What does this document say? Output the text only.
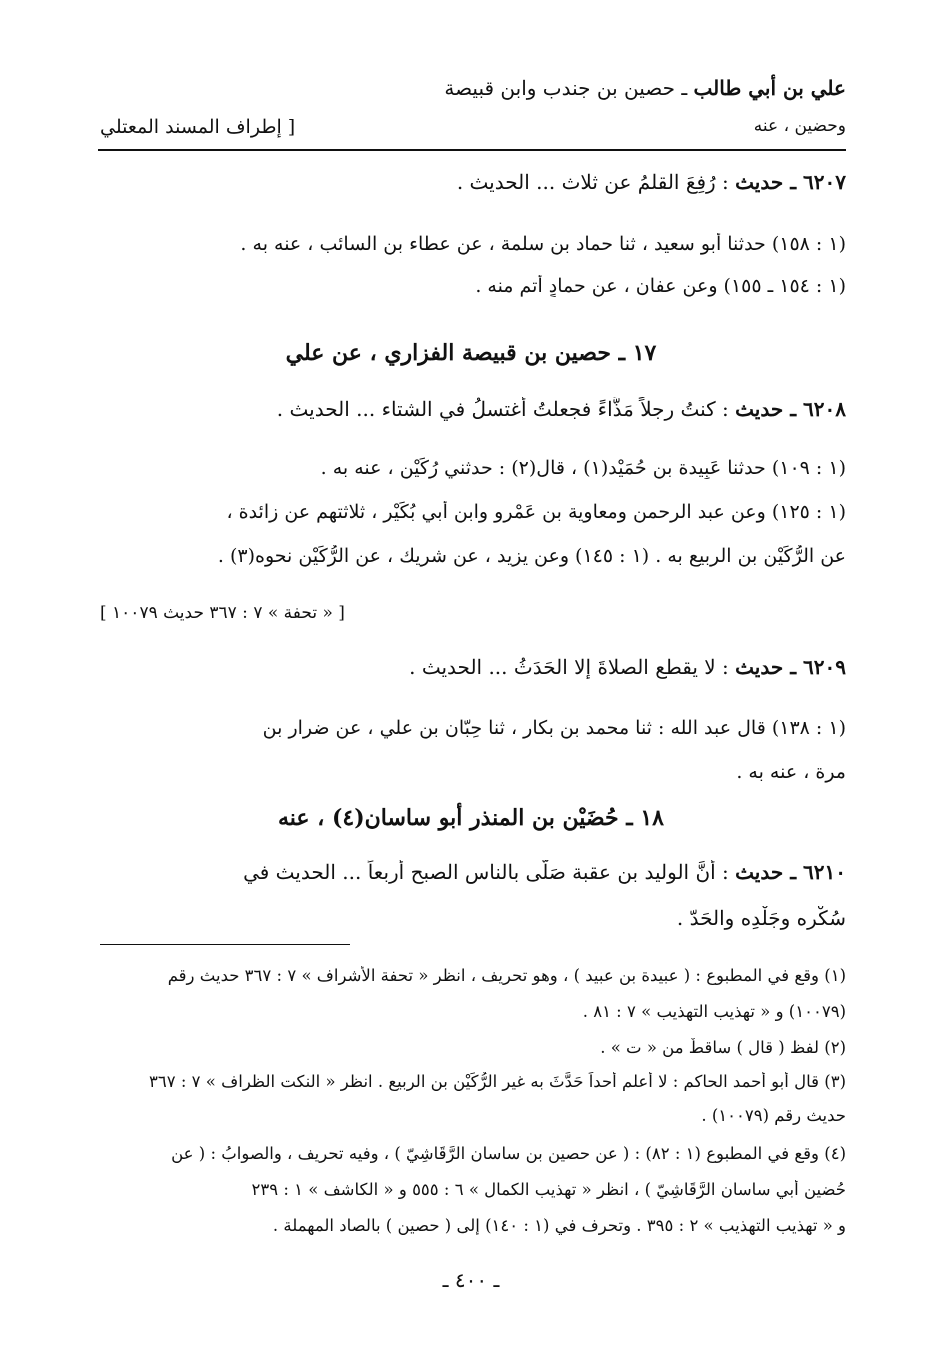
علي بن أبي طالب ـ حصين بن جندب وابن قبيصة
وحضين ، عنه
[ إطراف المسند المعتلي
٦٢٠٧ ـ حديث : رُفِعَ القلمُ عن ثلاث ... الحديث .
(١ : ١٥٨) حدثنا أبو سعيد ، ثنا حماد بن سلمة ، عن عطاء بن السائب ، عنه به .
(١ : ١٥٤ ـ ١٥٥) وعن عفان ، عن حمادٍ أتم منه .
١٧ ـ حصين بن قبيصة الفزاري ، عن علي
٦٢٠٨ ـ حديث : كنتُ رجلاً مَذَّاءً فجعلتُ أغتسلُ في الشتاء ... الحديث .
(١ : ١٠٩) حدثنا عَبِيدة بن حُمَيْد(١) ، قال(٢) : حدثني رُكَيْن ، عنه به .
(١ : ١٢٥) وعن عبد الرحمن ومعاوية بن عَمْرو وابن أبي بُكَيْر ، ثلاثتهم عن زائدة ،
عن الرُّكَيْن بن الربيع به . (١ : ١٤٥) وعن يزيد ، عن شريك ، عن الرُّكَيْن نحوه(٣) .
[ « تحفة » ٧ : ٣٦٧ حديث ١٠٠٧٩ ]
٦٢٠٩ ـ حديث : لا يقطع الصلاةَ إلا الحَدَثُ ... الحديث .
(١ : ١٣٨) قال عبد الله : ثنا محمد بن بكار ، ثنا حِبّان بن علي ، عن ضرار بن
مرة ، عنه به .
١٨ ـ حُضَيْن بن المنذر أبو ساسان(٤) ، عنه
٦٢١٠ ـ حديث : أنَّ الوليد بن عقبة صَلّى بالناس الصبح أربعاً ... الحديث في
سُكْرِه وجَلْدِه والحَدّ .
(١) وقع في المطبوع : ( عبيدة بن عبيد ) ، وهو تحريف ، انظر « تحفة الأشراف » ٧ : ٣٦٧ حديث رقم
(١٠٠٧٩) و « تهذيب التهذيب » ٧ : ٨١ .
(٢) لفظ ( قال ) ساقطٌ من « ت » .
(٣) قال أبو أحمد الحاكم : لا أعلم أحداً حَدَّثَ به غير الرُّكَيْن بن الربيع . انظر « النكت الظراف » ٧ : ٣٦٧
حديث رقم (١٠٠٧٩) .
(٤) وقع في المطبوع (١ : ٨٢) : ( عن حصين بن ساسان الرَّقَاشِيّ ) ، وفيه تحريف ، والصوابُ : ( عن
حُضين أبي ساسان الرَّقَاشِيّ ) ، انظر « تهذيب الكمال » ٦ : ٥٥٥ و « الكاشف » ١ : ٢٣٩
و « تهذيب التهذيب » ٢ : ٣٩٥ . وتحرف في (١ : ١٤٠) إلى ( حصين ) بالصاد المهملة .
ـ ٤٠٠ ـ
